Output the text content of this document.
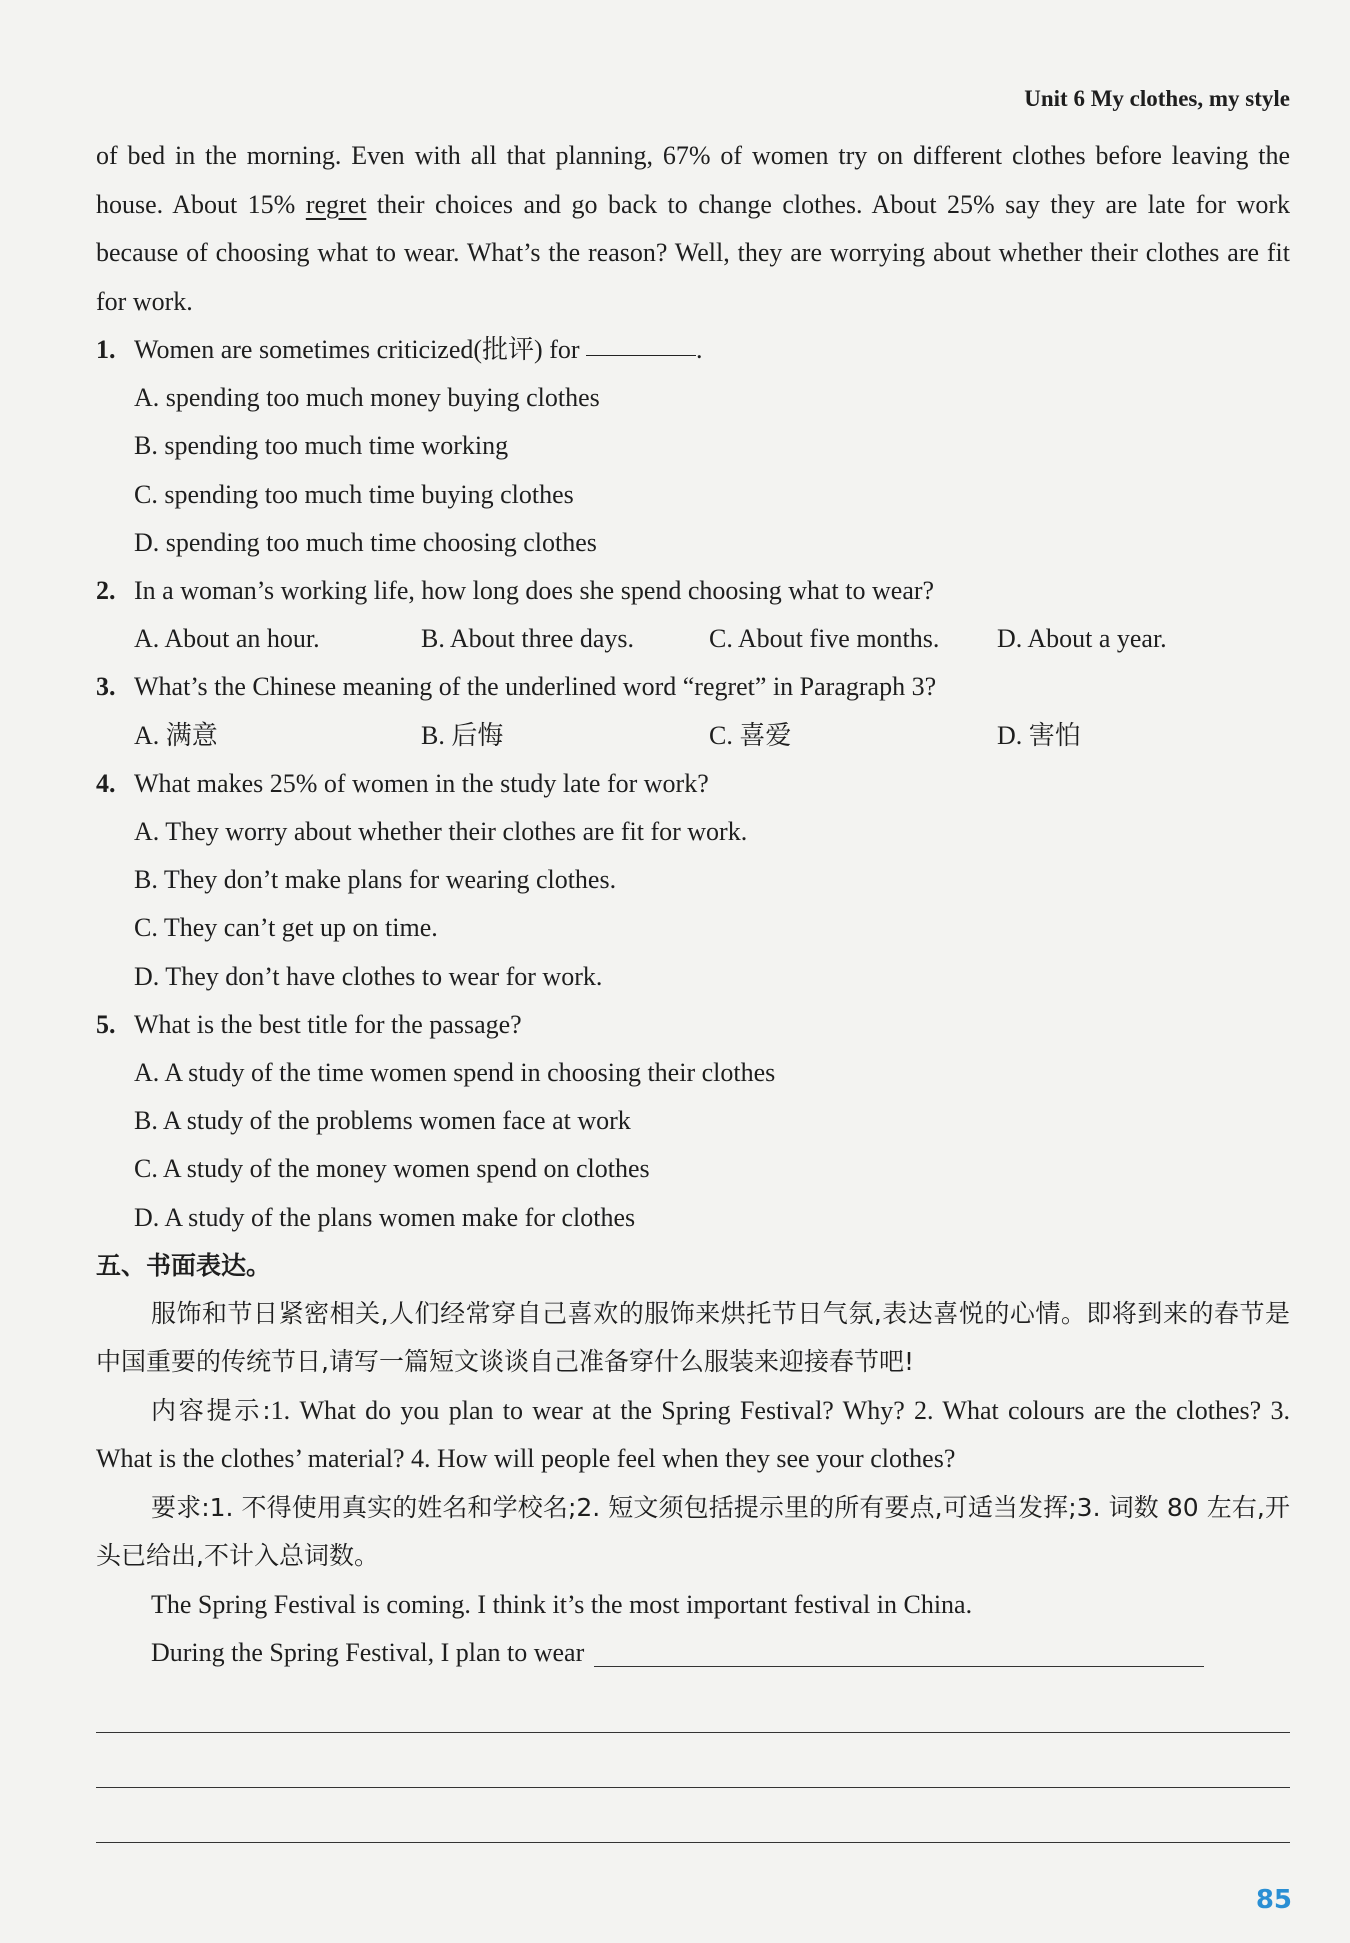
Unit 6 My clothes, my style

of bed in the morning. Even with all that planning, 67% of women try on different clothes before leaving the house. About 15% regret their choices and go back to change clothes. About 25% say they are late for work because of choosing what to wear. What’s the reason? Well, they are worrying about whether their clothes are fit for work.

1. Women are sometimes criticized(批评) for	.

A. spending too much money buying clothes

B. spending too much time working

C. spending too much time buying clothes

D. spending too much time choosing clothes

2. In a woman’s working life, how long does she spend choosing what to wear?

A. About an hour.	B. About three days.	C. About five months.	D. About a year.

3. What’s the Chinese meaning of the underlined word “regret” in Paragraph 3?

A. 满意	B. 后悔	C. 喜爱	D. 害怕

4. What makes 25% of women in the study late for work?

A. They worry about whether their clothes are fit for work.

B. They don’t make plans for wearing clothes.

C. They can’t get up on time.

D. They don’t have clothes to wear for work.

5. What is the best title for the passage?

A. A study of the time women spend in choosing their clothes

B. A study of the problems women face at work

C. A study of the money women spend on clothes

D. A study of the plans women make for clothes

五、书面表达。

服饰和节日紧密相关,人们经常穿自己喜欢的服饰来烘托节日气氛,表达喜悦的心情。即将到来的春节是中国重要的传统节日,请写一篇短文谈谈自己准备穿什么服装来迎接春节吧!

内容提示:1. What do you plan to wear at the Spring Festival? Why? 2. What colours are the clothes? 3. What is the clothes’ material? 4. How will people feel when they see your clothes?

要求:1. 不得使用真实的姓名和学校名;2. 短文须包括提示里的所有要点,可适当发挥;3. 词数 80 左右,开头已给出,不计入总词数。

The Spring Festival is coming. I think it’s the most important festival in China.

During the Spring Festival, I plan to wear

85
